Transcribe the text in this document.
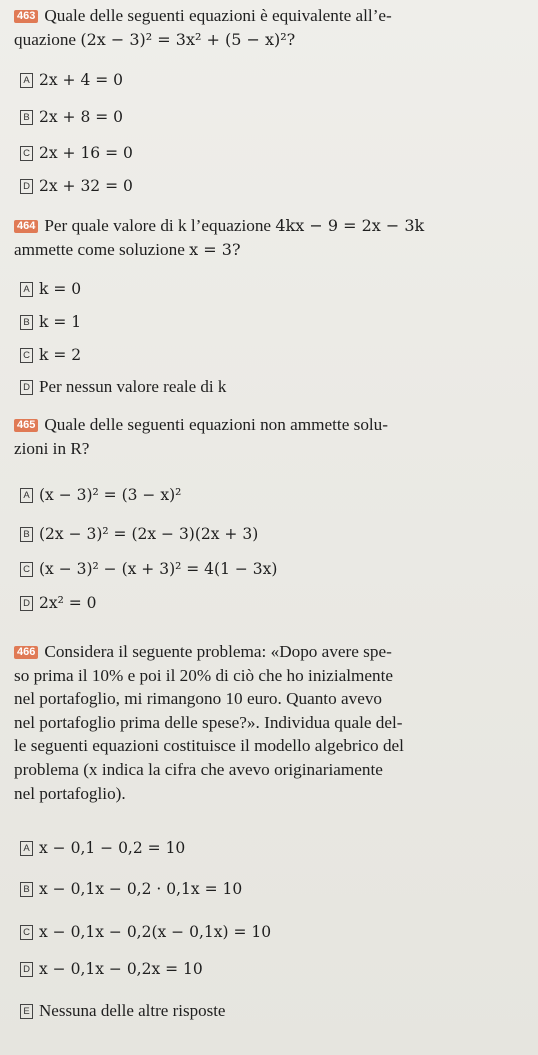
463 Quale delle seguenti equazioni è equivalente all’e-
quazione (2x − 3)² = 3x² + (5 − x)²?

A 2x + 4 = 0
B 2x + 8 = 0
C 2x + 16 = 0
D 2x + 32 = 0

464 Per quale valore di k l’equazione 4kx − 9 = 2x − 3k
ammette come soluzione x = 3?

A k = 0
B k = 1
C k = 2
D Per nessun valore reale di k

465 Quale delle seguenti equazioni non ammette solu-
zioni in R?

A (x − 3)² = (3 − x)²
B (2x − 3)² = (2x − 3)(2x + 3)
C (x − 3)² − (x + 3)² = 4(1 − 3x)
D 2x² = 0

466 Considera il seguente problema: «Dopo avere spe-
so prima il 10% e poi il 20% di ciò che ho inizialmente
nel portafoglio, mi rimangono 10 euro. Quanto avevo
nel portafoglio prima delle spese?». Individua quale del-
le seguenti equazioni costituisce il modello algebrico del
problema (x indica la cifra che avevo originariamente
nel portafoglio).

A x − 0,1 − 0,2 = 10
B x − 0,1x − 0,2 · 0,1x = 10
C x − 0,1x − 0,2(x − 0,1x) = 10
D x − 0,1x − 0,2x = 10
E Nessuna delle altre risposte
